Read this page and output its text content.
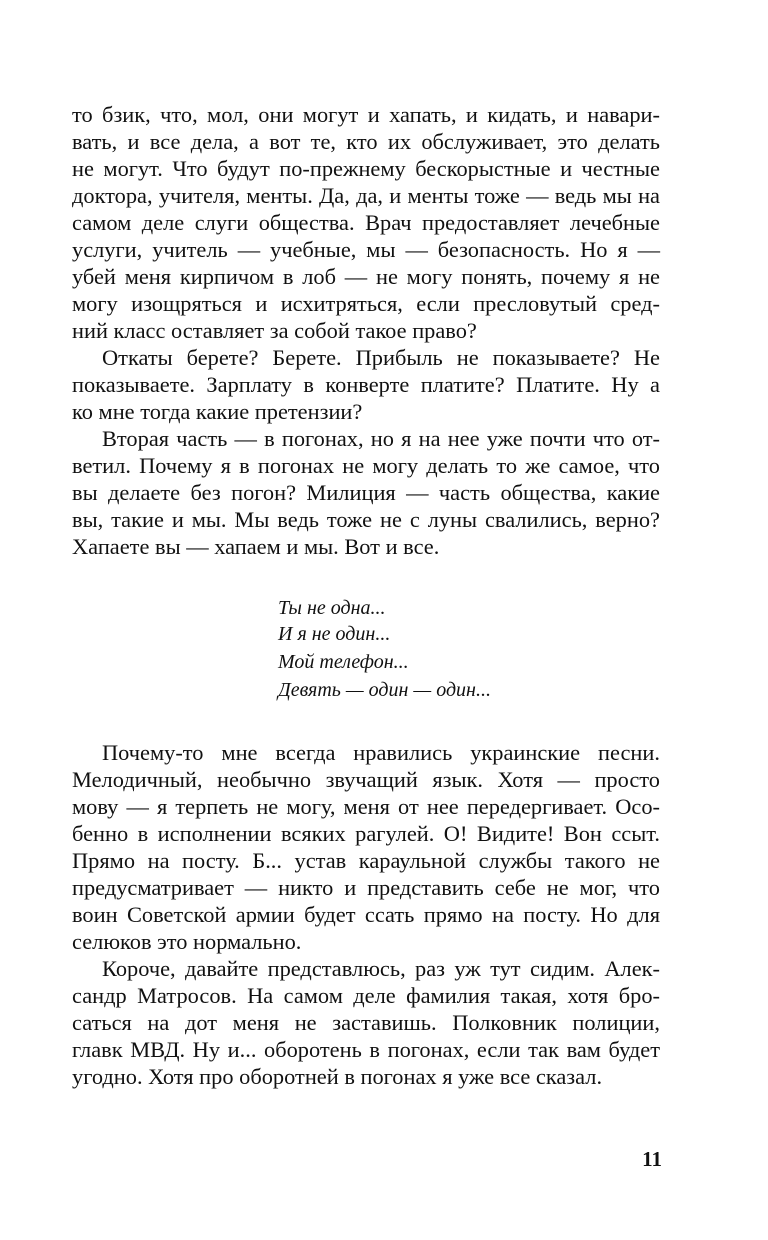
то бзик, что, мол, они могут и хапать, и кидать, и навари-

вать, и все дела, а вот те, кто их обслуживает, это делать

не могут. Что будут по-прежнему бескорыстные и честные

доктора, учителя, менты. Да, да, и менты тоже — ведь мы на

самом деле слуги общества. Врач предоставляет лечебные

услуги, учитель — учебные, мы — безопасность. Но я —

убей меня кирпичом в лоб — не могу понять, почему я не

могу изощряться и исхитряться, если пресловутый сред-

ний класс оставляет за собой такое право?

Откаты берете? Берете. Прибыль не показываете? Не

показываете. Зарплату в конверте платите? Платите. Ну а

ко мне тогда какие претензии?

Вторая часть — в погонах, но я на нее уже почти что от-

ветил. Почему я в погонах не могу делать то же самое, что

вы делаете без погон? Милиция — часть общества, какие

вы, такие и мы. Мы ведь тоже не с луны свалились, верно?

Хапаете вы — хапаем и мы. Вот и все.

Ты не одна...

И я не один...

Мой телефон...

Девять — один — один...

Почему-то мне всегда нравились украинские песни.

Мелодичный, необычно звучащий язык. Хотя — просто

мову — я терпеть не могу, меня от нее передергивает. Осо-

бенно в исполнении всяких рагулей. О! Видите! Вон ссыт.

Прямо на посту. Б... устав караульной службы такого не

предусматривает — никто и представить себе не мог, что

воин Советской армии будет ссать прямо на посту. Но для

селюков это нормально.

Короче, давайте представлюсь, раз уж тут сидим. Алек-

сандр Матросов. На самом деле фамилия такая, хотя бро-

саться на дот меня не заставишь. Полковник полиции,

главк МВД. Ну и... оборотень в погонах, если так вам будет

угодно. Хотя про оборотней в погонах я уже все сказал.

11
